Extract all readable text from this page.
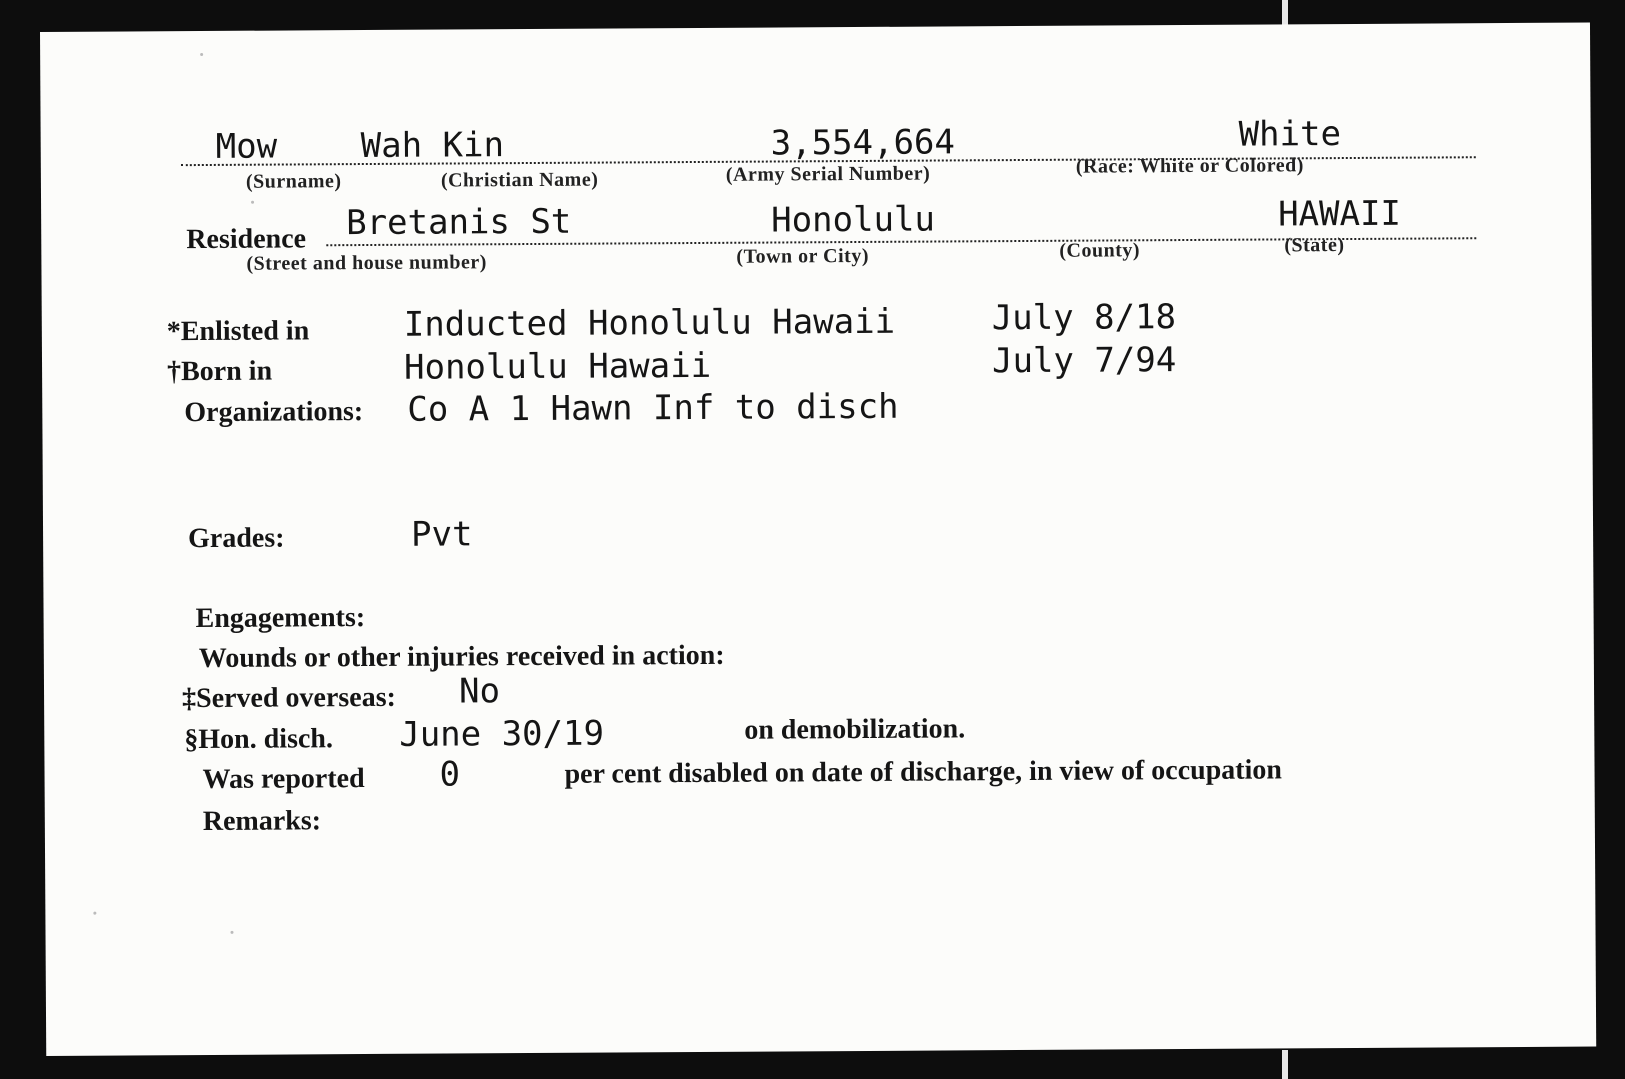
Mow Wah Kin	3,554,664	White
(Surname)	(Christian Name)	(Army Serial Number)	(Race: White or Colored)
Residence Bretanis St	Honolulu	HAWAII
(Street and house number)	(Town or City)	(County)	(State)
*Enlisted in	Inducted Honolulu Hawaii	July 8/18
†Born in	Honolulu Hawaii	July 7/94
Organizations: Co A 1 Hawn Inf to disch
Grades:	Pvt
Engagements:
Wounds or other injuries received in action:
‡Served overseas: No
§Hon. disch. June 30/19	on demobilization.
Was reported 0	per cent disabled on date of discharge, in view of occupation
Remarks:
